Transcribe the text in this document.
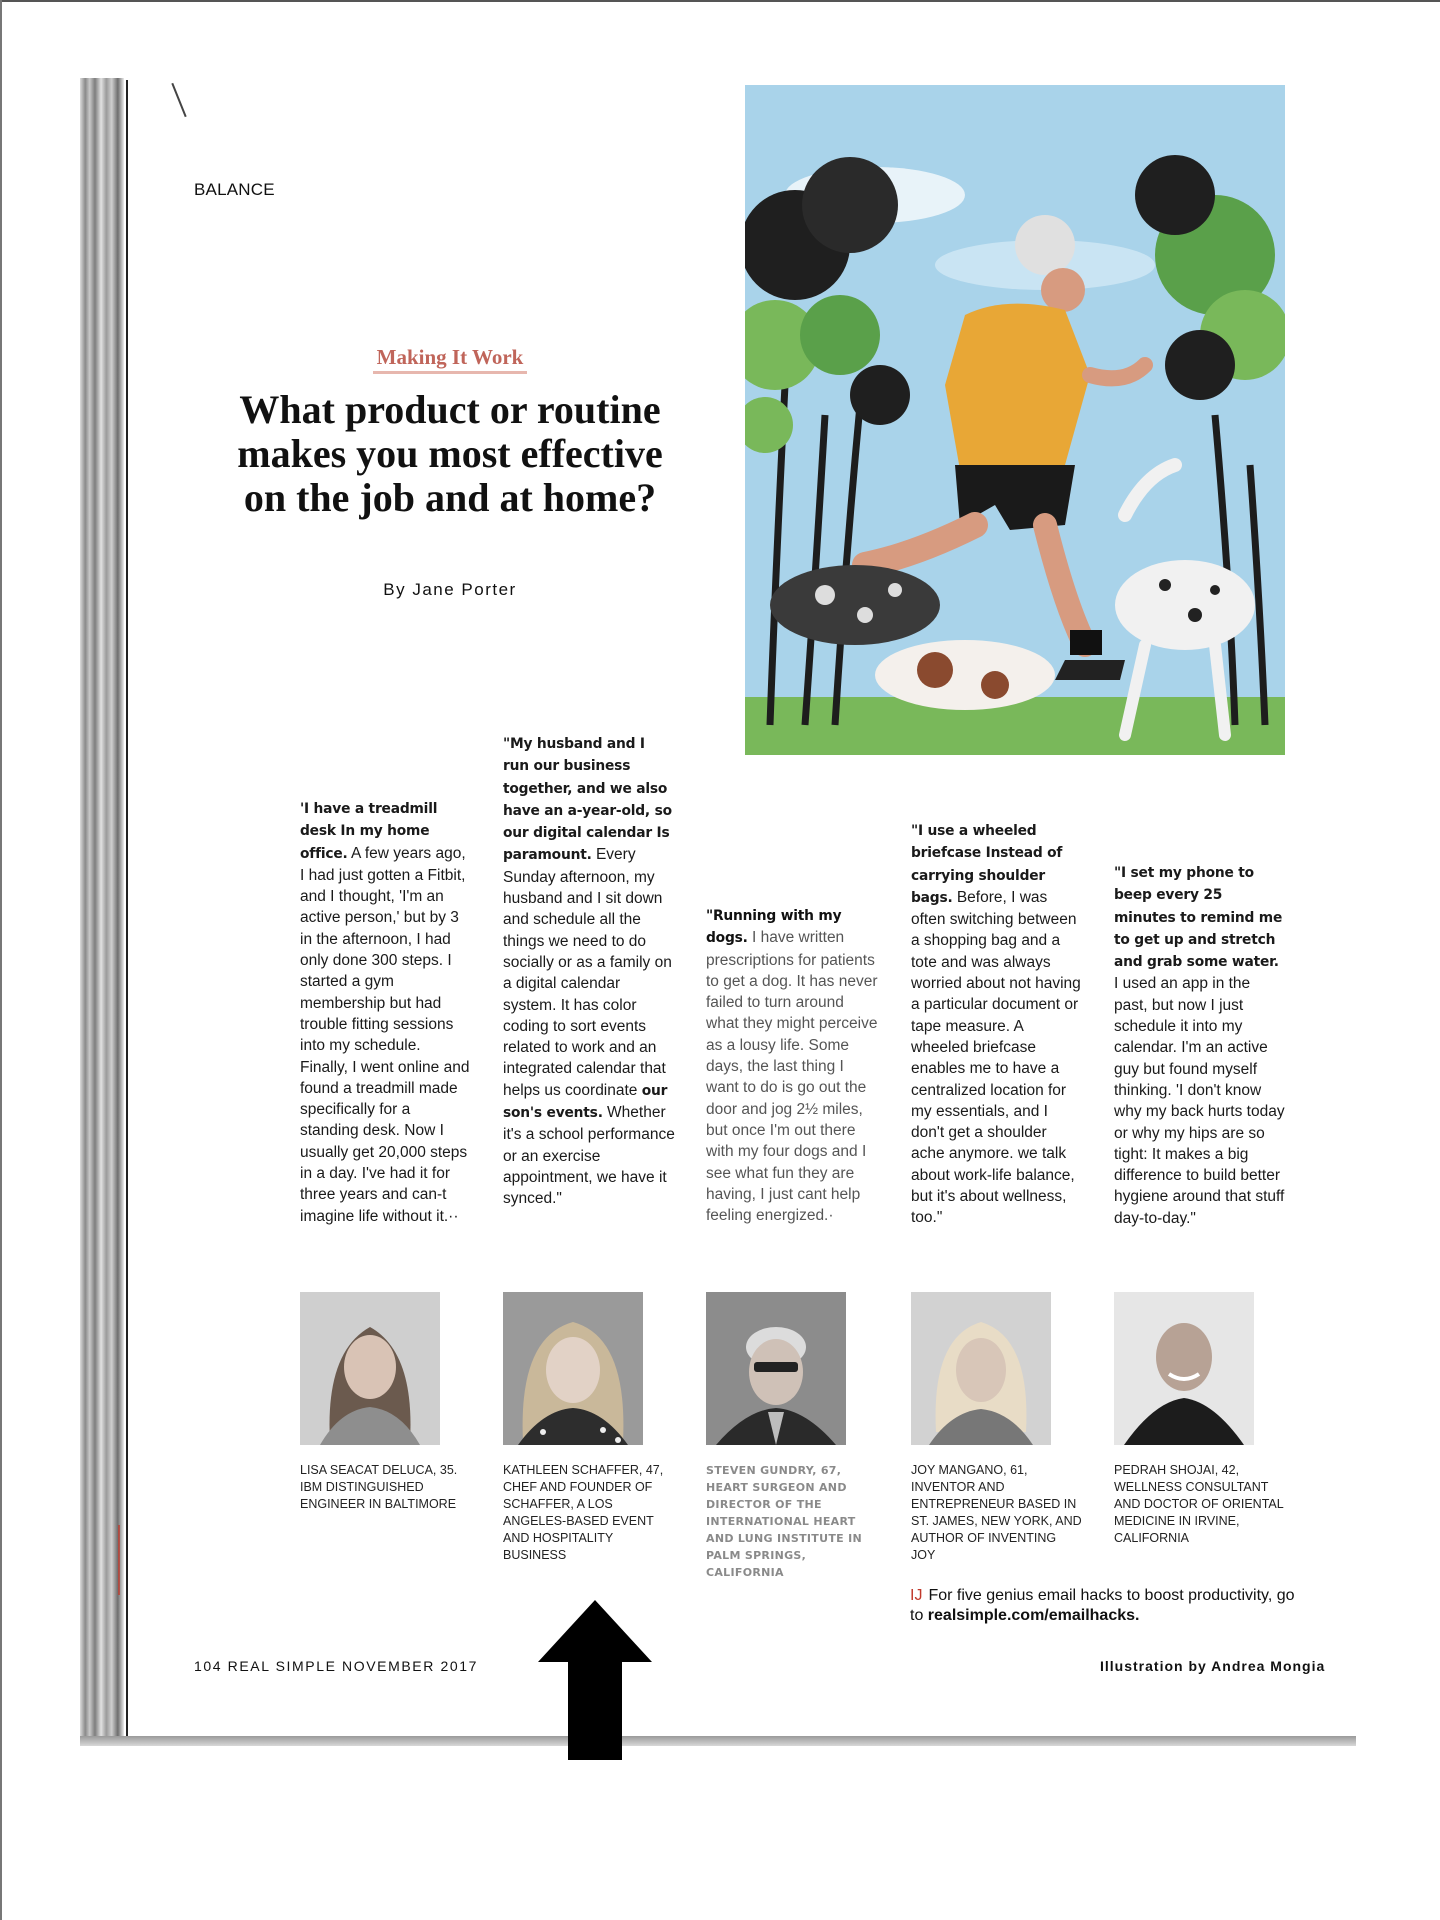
BALANCE
Making It Work
What product or routine makes you most effective on the job and at home?
By Jane Porter
'I have a treadmill desk In my home office. A few years ago, I had just gotten a Fitbit, and I thought, 'I'm an active person,' but by 3 in the afternoon, I had only done 300 steps. I started a gym membership but had trouble fitting sessions into my schedule. Finally, I went online and found a treadmill made specifically for a standing desk. Now I usually get 20,000 steps in a day. I've had it for three years and can-t imagine life without it.··
"My husband and I run our business together, and we also have an a-year-old, so our digital calendar Is paramount. Every Sunday afternoon, my husband and I sit down and schedule all the things we need to do socially or as a family on a digital calendar system. It has color coding to sort events related to work and an integrated calendar that helps us coordinate our son's events. Whether it's a school performance or an exercise appointment, we have it synced."
"Running with my dogs. I have written prescriptions for patients to get a dog. It has never failed to turn around what they might perceive as a lousy life. Some days, the last thing I want to do is go out the door and jog 2½ miles, but once I'm out there with my four dogs and I see what fun they are having, I just cant help feeling energized.·
"I use a wheeled briefcase Instead of carrying shoulder bags. Before, I was often switching between a shopping bag and a tote and was always worried about not having a particular document or tape measure. A wheeled briefcase enables me to have a centralized location for my essentials, and I don't get a shoulder ache anymore. we talk about work-life balance, but it's about wellness, too."
"I set my phone to beep every 25 minutes to remind me to get up and stretch and grab some water. I used an app in the past, but now I just schedule it into my calendar. I'm an active guy but found myself thinking. 'I don't know why my back hurts today or why my hips are so tight: It makes a big difference to build better hygiene around that stuff day-to-day."
LISA SEACAT DELUCA, 35. IBM DISTINGUISHED ENGINEER IN BALTIMORE
KATHLEEN SCHAFFER, 47, CHEF AND FOUNDER OF SCHAFFER, A LOS ANGELES-BASED EVENT AND HOSPITALITY BUSINESS
STEVEN GUNDRY, 67, HEART SURGEON AND DIRECTOR OF THE INTERNATIONAL HEART AND LUNG INSTITUTE IN PALM SPRINGS, CALIFORNIA
JOY MANGANO, 61, INVENTOR AND ENTREPRENEUR BASED IN ST. JAMES, NEW YORK, AND AUTHOR OF INVENTING JOY
PEDRAH SHOJAI, 42, WELLNESS CONSULTANT AND DOCTOR OF ORIENTAL MEDICINE IN IRVINE, CALIFORNIA
IJ For five genius email hacks to boost productivity, go to realsimple.com/emailhacks.
104 REAL SIMPLE NOVEMBER 2017	Illustration by Andrea Mongia
